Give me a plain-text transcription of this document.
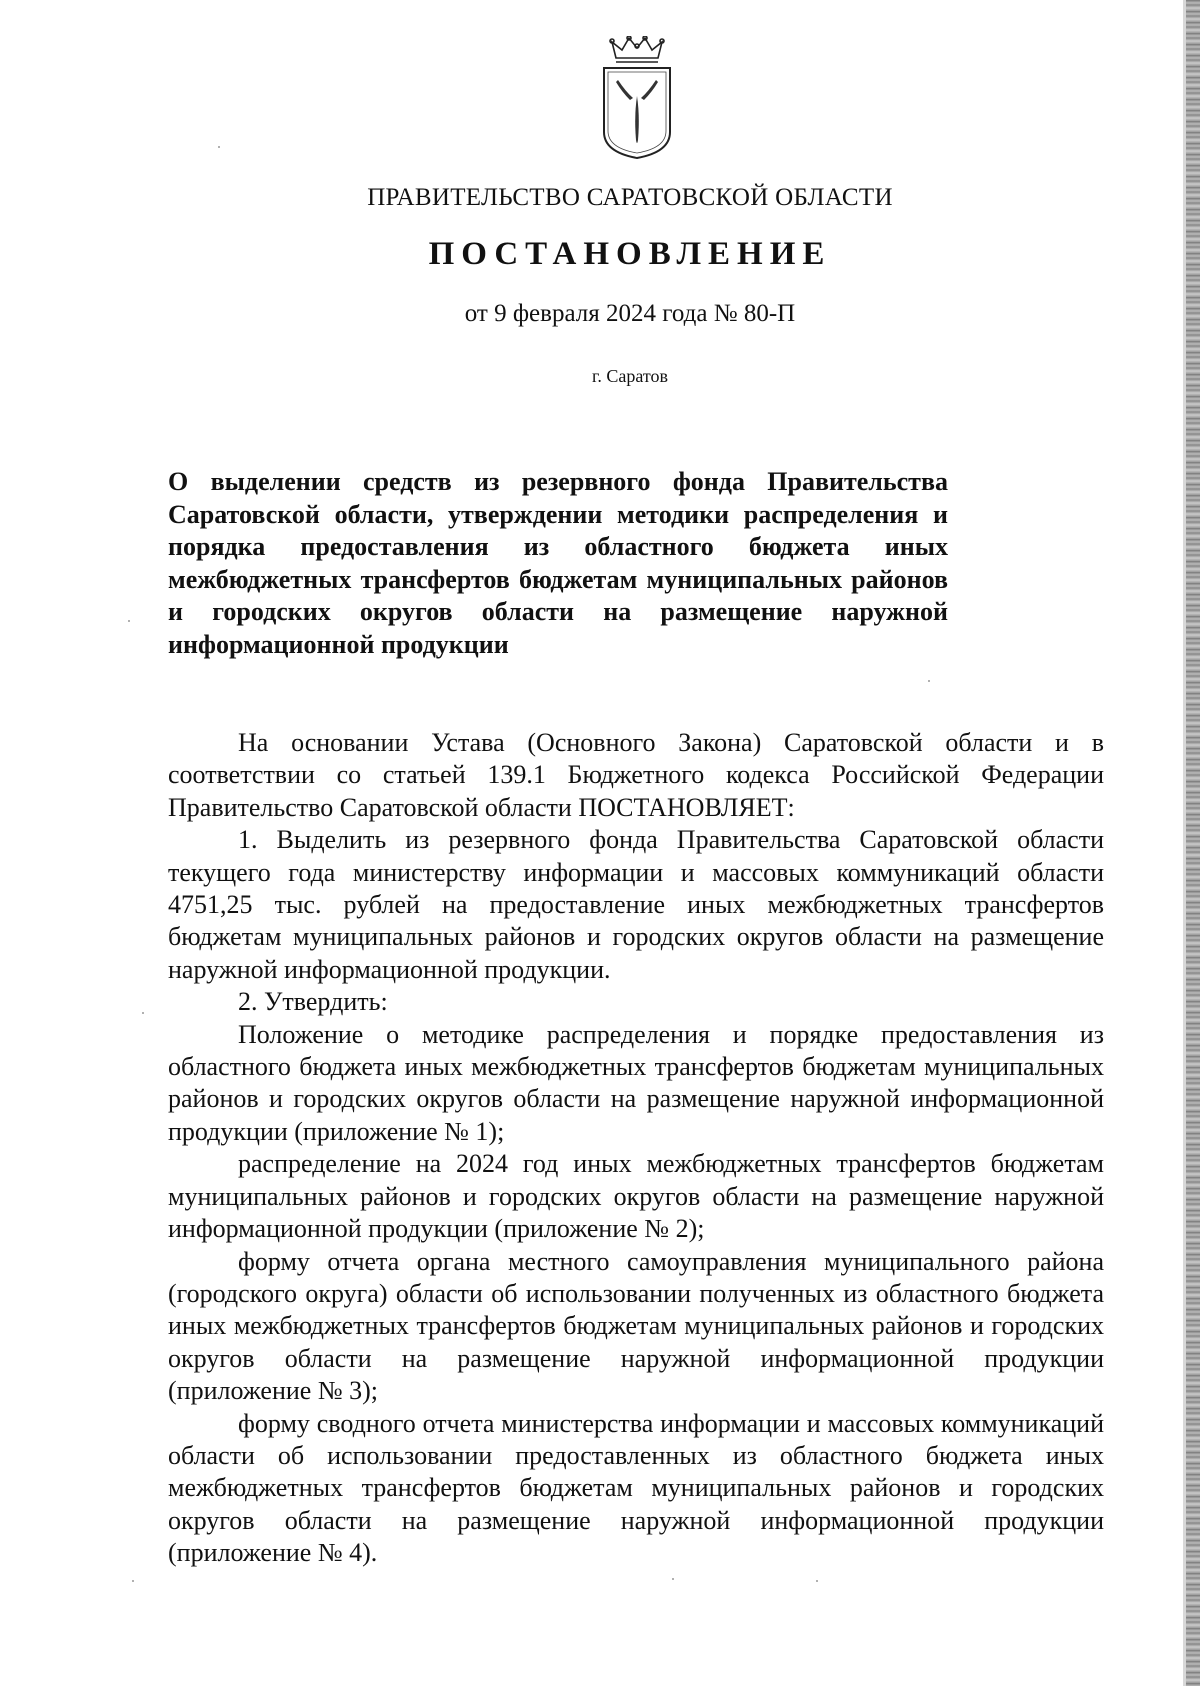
ПРАВИТЕЛЬСТВО САРАТОВСКОЙ ОБЛАСТИ
ПОСТАНОВЛЕНИЕ
от 9 февраля 2024 года № 80-П
г. Саратов
О выделении средств из резервного фонда Правительства Саратовской области, утверждении методики распределения и порядка предоставления из областного бюджета иных межбюджетных трансфертов бюджетам муниципальных районов и городских округов области на размещение наружной информационной продукции

На основании Устава (Основного Закона) Саратовской области и в соответствии со статьей 139.1 Бюджетного кодекса Российской Федерации Правительство Саратовской области ПОСТАНОВЛЯЕТ:

1. Выделить из резервного фонда Правительства Саратовской области текущего года министерству информации и массовых коммуникаций области 4751,25 тыс. рублей на предоставление иных межбюджетных трансфертов бюджетам муниципальных районов и городских округов области на размещение наружной информационной продукции.

2. Утвердить:

Положение о методике распределения и порядке предоставления из областного бюджета иных межбюджетных трансфертов бюджетам муниципальных районов и городских округов области на размещение наружной информационной продукции (приложение № 1);

распределение на 2024 год иных межбюджетных трансфертов бюджетам муниципальных районов и городских округов области на размещение наружной информационной продукции (приложение № 2);

форму отчета органа местного самоуправления муниципального района (городского округа) области об использовании полученных из областного бюджета иных межбюджетных трансфертов бюджетам муниципальных районов и городских округов области на размещение наружной информационной продукции (приложение № 3);

форму сводного отчета министерства информации и массовых коммуникаций области об использовании предоставленных из областного бюджета иных межбюджетных трансфертов бюджетам муниципальных районов и городских округов области на размещение наружной информационной продукции (приложение № 4).
